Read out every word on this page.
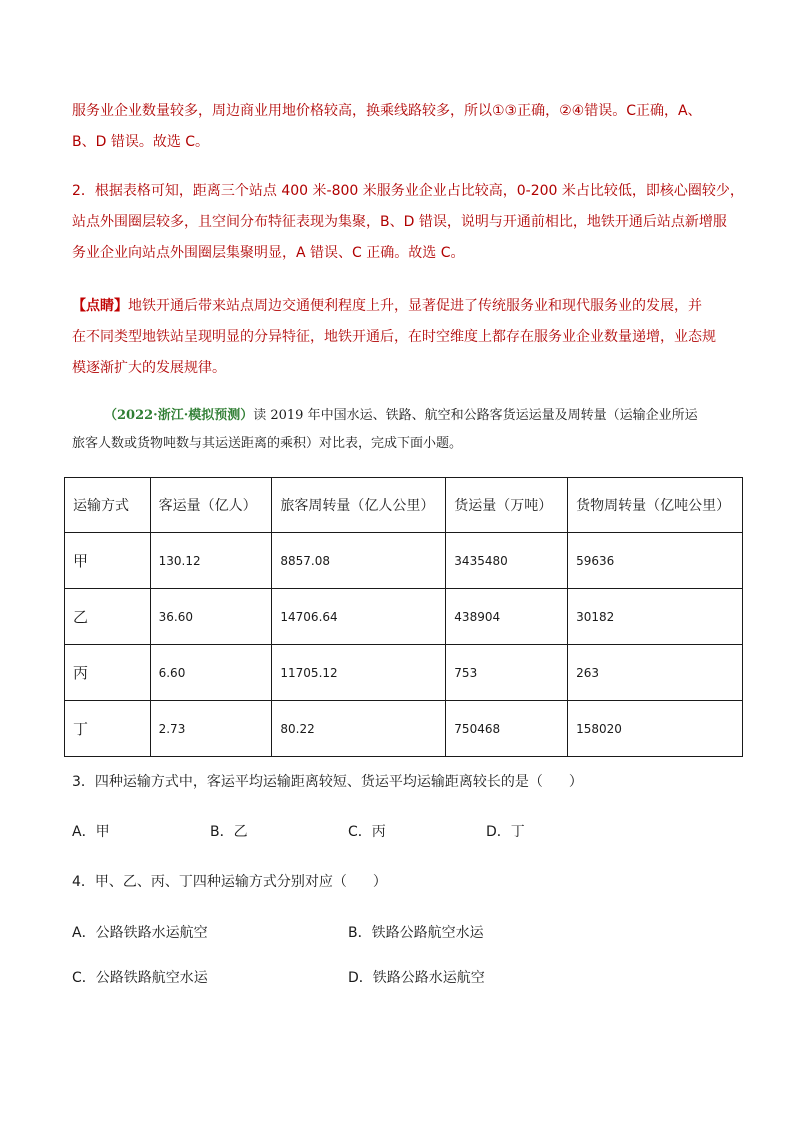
服务业企业数量较多，周边商业用地价格较高，换乘线路较多，所以①③正确，②④错误。C正确，A、
B、D 错误。故选 C。

2．根据表格可知，距离三个站点 400 米-800 米服务业企业占比较高，0-200 米占比较低，即核心圈较少，
站点外围圈层较多，且空间分布特征表现为集聚，B、D 错误，说明与开通前相比，地铁开通后站点新增服
务业企业向站点外围圈层集聚明显，A 错误、C 正确。故选 C。

【点睛】地铁开通后带来站点周边交通便利程度上升，显著促进了传统服务业和现代服务业的发展，并
在不同类型地铁站呈现明显的分异特征，地铁开通后，在时空维度上都存在服务业企业数量递增，业态规
模逐渐扩大的发展规律。

（2022·浙江·模拟预测）读 2019 年中国水运、铁路、航空和公路客货运运量及周转量（运输企业所运
旅客人数或货物吨数与其运送距离的乘积）对比表，完成下面小题。
运输方式	客运量（亿人）	旅客周转量（亿人公里）	货运量（万吨）	货物周转量（亿吨公里）
甲	130.12	8857.08	3435480	59636
乙	36.60	14706.64	438904	30182
丙	6.60	11705.12	753	263
丁	2.73	80.22	750468	158020
3．四种运输方式中，客运平均运输距离较短、货运平均运输距离较长的是（ ）
A．甲	B．乙	C．丙	D．丁
4．甲、乙、丙、丁四种运输方式分别对应（ ）
A．公路铁路水运航空	B．铁路公路航空水运
C．公路铁路航空水运	D．铁路公路水运航空
